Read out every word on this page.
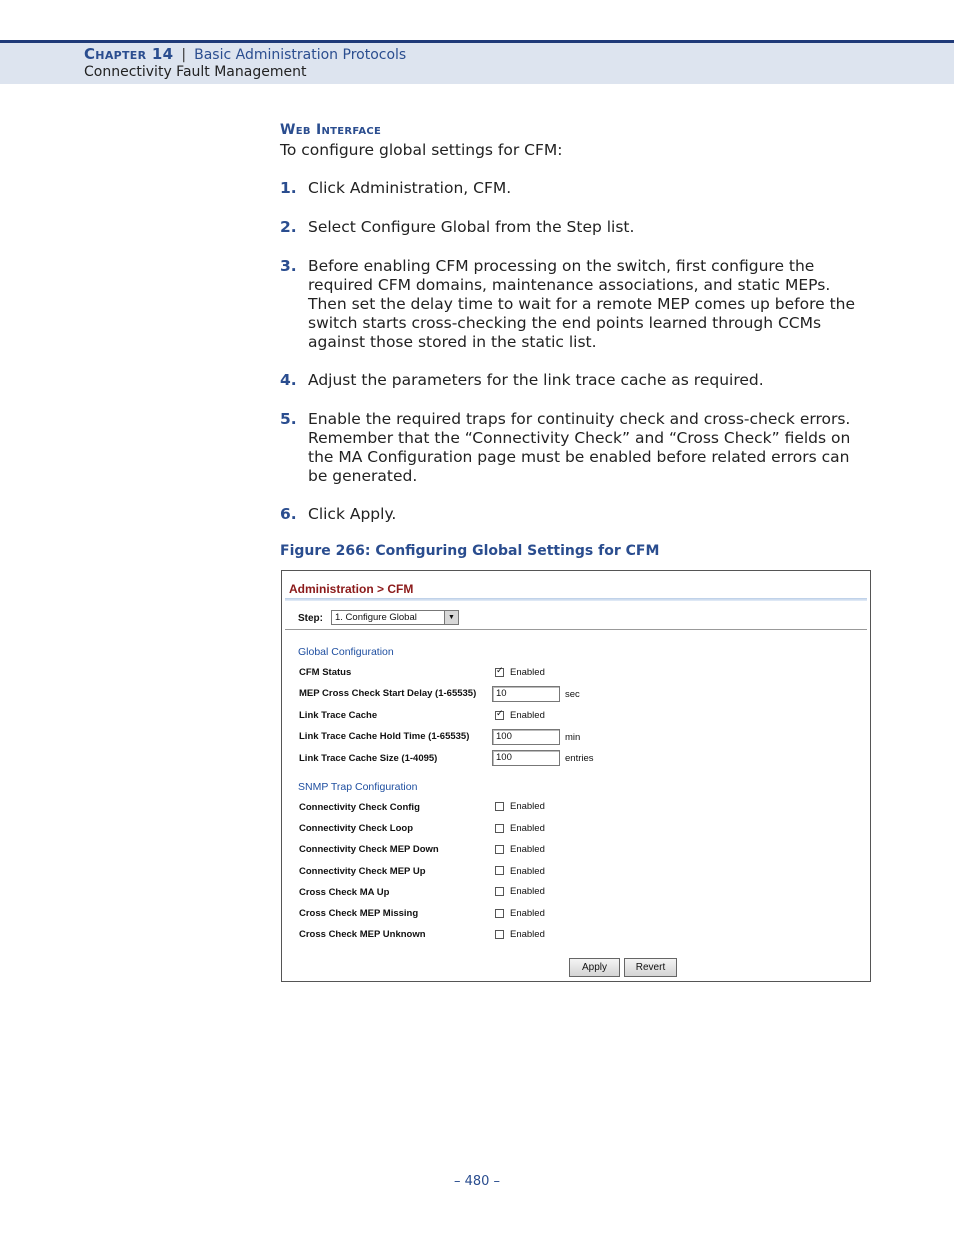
Chapter 14 | Basic Administration Protocols
Connectivity Fault Management
Web Interface
To configure global settings for CFM:
1. Click Administration, CFM.
2. Select Configure Global from the Step list.
3. Before enabling CFM processing on the switch, first configure the required CFM domains, maintenance associations, and static MEPs. Then set the delay time to wait for a remote MEP comes up before the switch starts cross-checking the end points learned through CCMs against those stored in the static list.
4. Adjust the parameters for the link trace cache as required.
5. Enable the required traps for continuity check and cross-check errors. Remember that the “Connectivity Check” and “Cross Check” fields on the MA Configuration page must be enabled before related errors can be generated.
6. Click Apply.
Figure 266: Configuring Global Settings for CFM
Administration > CFM
Step:	1. Configure Global	▼
Global Configuration
CFM Status ✓	Enabled
MEP Cross Check Start Delay (1-65535)	10	sec
Link Trace Cache ✓	Enabled
Link Trace Cache Hold Time (1-65535)	100	min
Link Trace Cache Size (1-4095)	100	entries
SNMP Trap Configuration
Connectivity Check Config	Enabled
Connectivity Check Loop	Enabled
Connectivity Check MEP Down	Enabled
Connectivity Check MEP Up	Enabled
Cross Check MA Up	Enabled
Cross Check MEP Missing	Enabled
Cross Check MEP Unknown	Enabled
Apply	Revert
– 480 –
